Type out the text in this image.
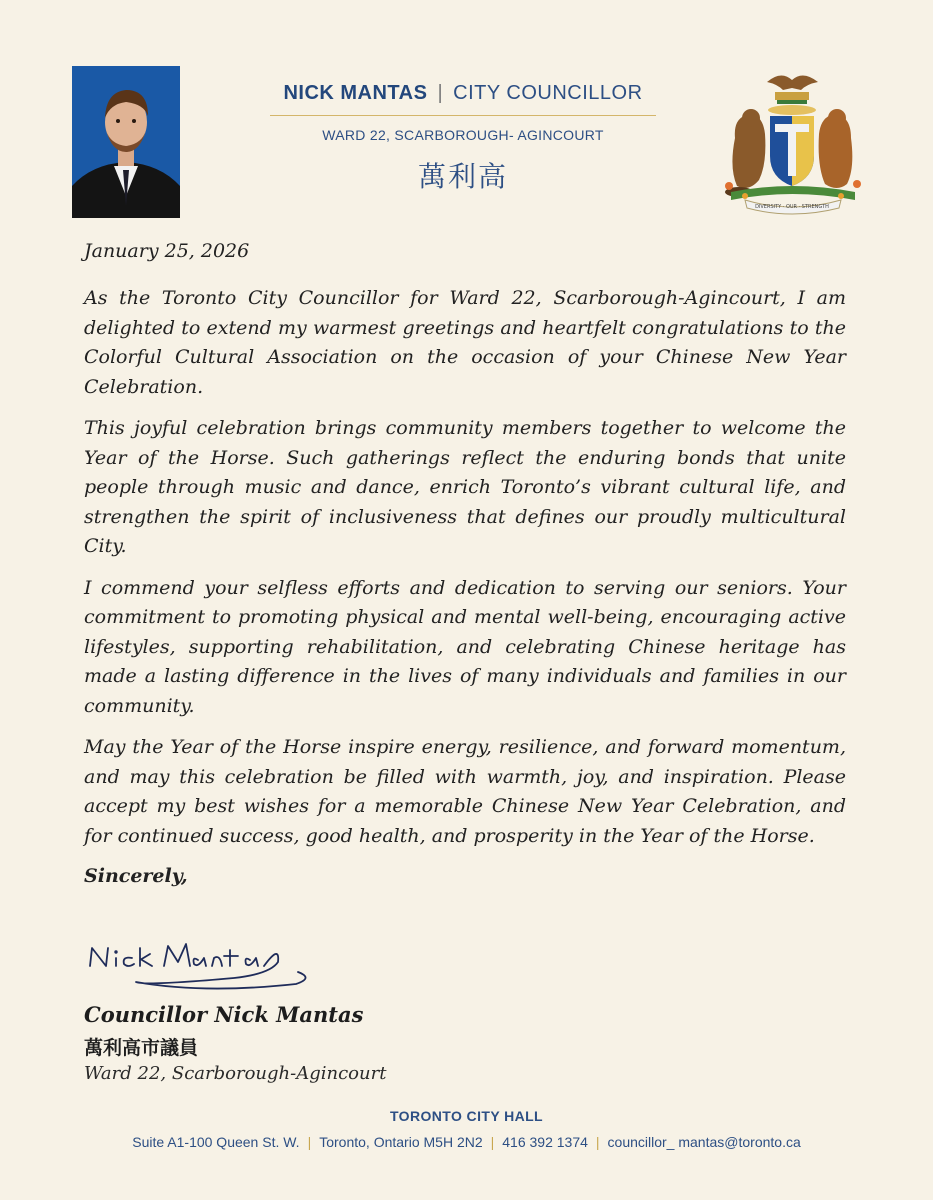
NICK MANTAS | CITY COUNCILLOR
WARD 22, SCARBOROUGH- AGINCOURT
萬利高
DIVERSITY · OUR · STRENGTH

January 25, 2026

As the Toronto City Councillor for Ward 22, Scarborough-Agincourt, I am delighted to extend my warmest greetings and heartfelt congratulations to the Colorful Cultural Association on the occasion of your Chinese New Year Celebration.

This joyful celebration brings community members together to welcome the Year of the Horse. Such gatherings reflect the enduring bonds that unite people through music and dance, enrich Toronto’s vibrant cultural life, and strengthen the spirit of inclusiveness that defines our proudly multicultural City.

I commend your selfless efforts and dedication to serving our seniors. Your commitment to promoting physical and mental well-being, encouraging active lifestyles, supporting rehabilitation, and celebrating Chinese heritage has made a lasting difference in the lives of many individuals and families in our community.

May the Year of the Horse inspire energy, resilience, and forward momentum, and may this celebration be filled with warmth, joy, and inspiration. Please accept my best wishes for a memorable Chinese New Year Celebration, and for continued success, good health, and prosperity in the Year of the Horse.

Sincerely,
Councillor Nick Mantas
萬利高市議員
Ward 22, Scarborough-Agincourt
TORONTO CITY HALL
Suite A1-100 Queen St. W. | Toronto, Ontario M5H 2N2 | 416 392 1374 | councillor_ mantas@toronto.ca
